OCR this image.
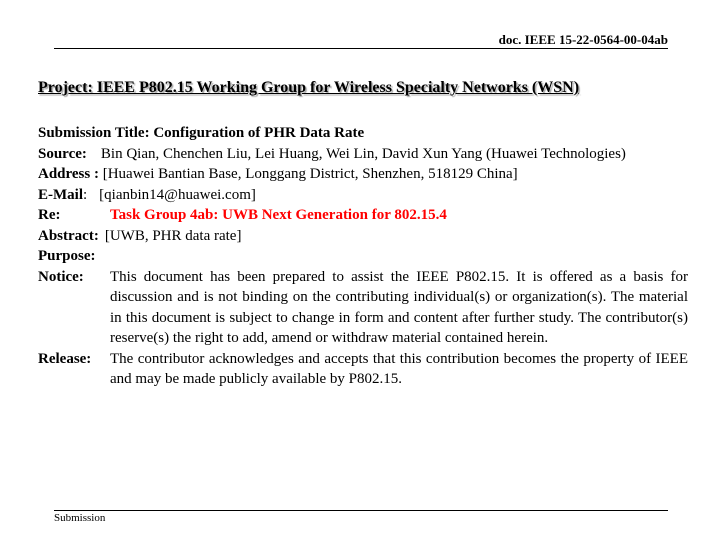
doc. IEEE 15-22-0564-00-04ab
Project: IEEE P802.15 Working Group for Wireless Specialty Networks (WSN)
Submission Title: Configuration of PHR Data Rate
Source: Bin Qian, Chenchen Liu, Lei Huang, Wei Lin, David Xun Yang (Huawei Technologies)
Address : [Huawei Bantian Base, Longgang District, Shenzhen, 518129 China]
E-Mail: [qianbin14@huawei.com]
Re:	Task Group 4ab: UWB Next Generation for 802.15.4
Abstract: [UWB, PHR data rate]
Purpose:
Notice:	This document has been prepared to assist the IEEE P802.15. It is offered as a basis for discussion and is not binding on the contributing individual(s) or organization(s). The material in this document is subject to change in form and content after further study. The contributor(s) reserve(s) the right to add, amend or withdraw material contained herein.
Release:	The contributor acknowledges and accepts that this contribution becomes the property of IEEE and may be made publicly available by P802.15.
Submission
